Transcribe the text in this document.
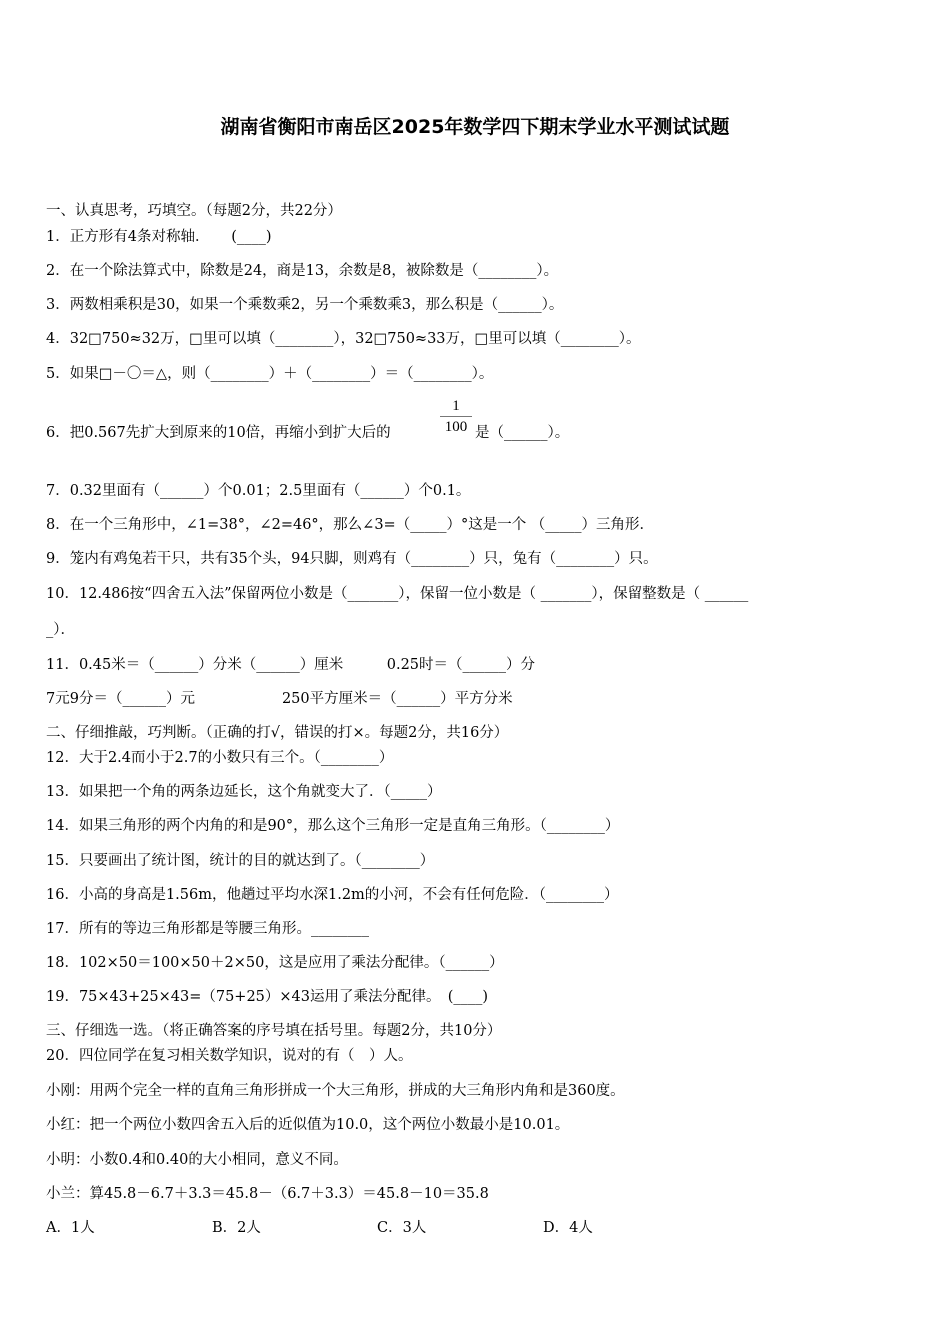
湖南省衡阳市南岳区2025年数学四下期末学业水平测试试题
一、认真思考，巧填空。（每题2分，共22分）
1．正方形有4条对称轴．　　(____)
2．在一个除法算式中，除数是24，商是13，余数是8，被除数是（________）。
3．两数相乘积是30，如果一个乘数乘2，另一个乘数乘3，那么积是（______）。
4．32□750≈32万，□里可以填（________），32□750≈33万，□里可以填（________）。
5．如果□－〇＝△，则（________）＋（________）＝（________）。
6．把0.567先扩大到原来的10倍，再缩小到扩大后的
1
100 是（______）。
7．0.32里面有（______）个0.01；2.5里面有（______）个0.1。
8．在一个三角形中，∠1=38°，∠2=46°，那么∠3=（_____）°这是一个 （_____）三角形．
9．笼内有鸡兔若干只，共有35个头，94只脚，则鸡有（________）只，兔有（________）只。
10．12.486按“四舍五入法”保留两位小数是（_______），保留一位小数是（ _______），保留整数是（ ______
_）．
11．0.45米＝（______）分米（______）厘米　　　0.25时＝（______）分
7元9分＝（______）元　　　　　　250平方厘米＝（______）平方分米
二、仔细推敲，巧判断。（正确的打√，错误的打×。每题2分，共16分）
12．大于2.4而小于2.7的小数只有三个。（________）
13．如果把一个角的两条边延长，这个角就变大了．（_____）
14．如果三角形的两个内角的和是90°，那么这个三角形一定是直角三角形。（________）
15．只要画出了统计图，统计的目的就达到了。（________）
16．小高的身高是1.56m，他趟过平均水深1.2m的小河，不会有任何危险．（________）
17．所有的等边三角形都是等腰三角形。________
18．102×50＝100×50＋2×50，这是应用了乘法分配律。（______）
19．75×43+25×43=（75+25）×43运用了乘法分配律。　(____)
三、仔细选一选。（将正确答案的序号填在括号里。每题2分，共10分）
20．四位同学在复习相关数学知识，说对的有（　）人。
小刚：用两个完全一样的直角三角形拼成一个大三角形，拼成的大三角形内角和是360度。
小红：把一个两位小数四舍五入后的近似值为10.0，这个两位小数最小是10.01。
小明：小数0.4和0.40的大小相同，意义不同。
小兰：算45.8－6.7＋3.3＝45.8－（6.7＋3.3）＝45.8－10＝35.8
A．1人	B．2人	C．3人	D．4人
